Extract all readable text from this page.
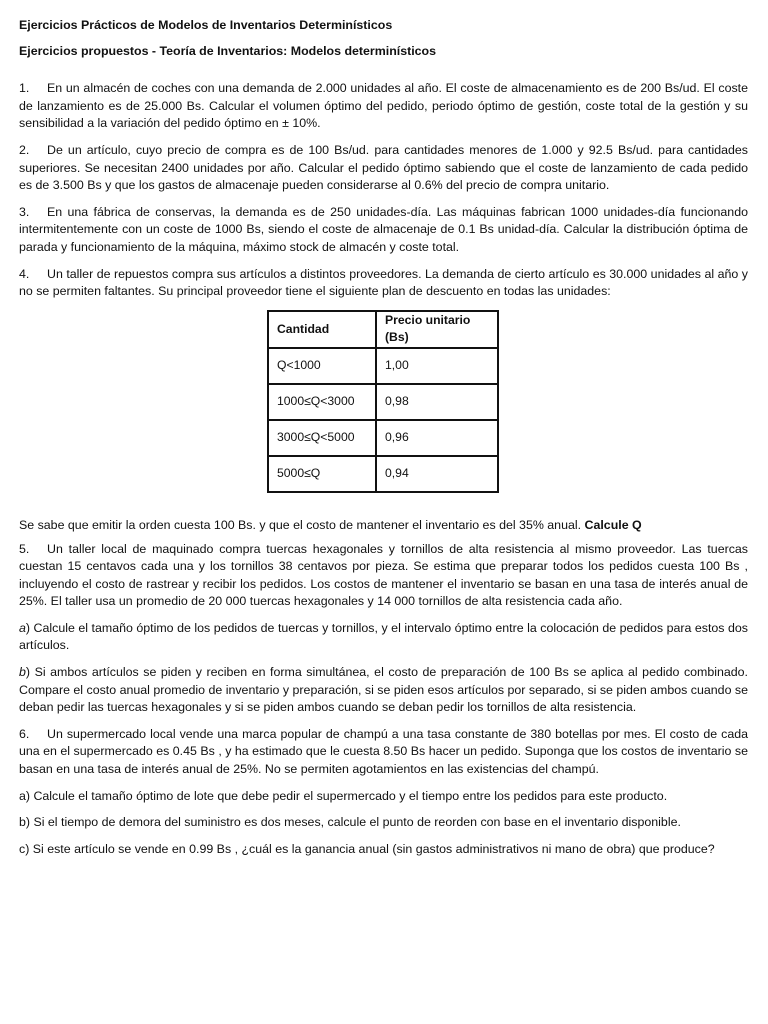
Ejercicios Prácticos de Modelos de Inventarios Determinísticos

Ejercicios propuestos - Teoría de Inventarios: Modelos determinísticos

1. En un almacén de coches con una demanda de 2.000 unidades al año. El coste de almacenamiento es de 200 Bs/ud. El coste de lanzamiento es de 25.000 Bs. Calcular el volumen óptimo del pedido, periodo óptimo de gestión, coste total de la gestión y su sensibilidad a la variación del pedido óptimo en ± 10%.

2. De un artículo, cuyo precio de compra es de 100 Bs/ud. para cantidades menores de 1.000 y 92.5 Bs/ud. para cantidades superiores. Se necesitan 2400 unidades por año. Calcular el pedido óptimo sabiendo que el coste de lanzamiento de cada pedido es de 3.500 Bs y que los gastos de almacenaje pueden considerarse al 0.6% del precio de compra unitario.

3. En una fábrica de conservas, la demanda es de 250 unidades-día. Las máquinas fabrican 1000 unidades-día funcionando intermitentemente con un coste de 1000 Bs, siendo el coste de almacenaje de 0.1 Bs unidad-día. Calcular la distribución óptima de parada y funcionamiento de la máquina, máximo stock de almacén y coste total.

4. Un taller de repuestos compra sus artículos a distintos proveedores. La demanda de cierto artículo es 30.000 unidades al año y no se permiten faltantes. Su principal proveedor tiene el siguiente plan de descuento en todas las unidades:

Cantidad	Precio unitario (Bs)
Q<1000	1,00
1000≤Q<3000	0,98
3000≤Q<5000	0,96
5000≤Q	0,94

Se sabe que emitir la orden cuesta 100 Bs. y que el costo de mantener el inventario es del 35% anual. Calcule Q

5. Un taller local de maquinado compra tuercas hexagonales y tornillos de alta resistencia al mismo proveedor. Las tuercas cuestan 15 centavos cada una y los tornillos 38 centavos por pieza. Se estima que preparar todos los pedidos cuesta 100 Bs , incluyendo el costo de rastrear y recibir los pedidos. Los costos de mantener el inventario se basan en una tasa de interés anual de 25%. El taller usa un promedio de 20 000 tuercas hexagonales y 14 000 tornillos de alta resistencia cada año.

a) Calcule el tamaño óptimo de los pedidos de tuercas y tornillos, y el intervalo óptimo entre la colocación de pedidos para estos dos artículos.

b) Si ambos artículos se piden y reciben en forma simultánea, el costo de preparación de 100 Bs se aplica al pedido combinado. Compare el costo anual promedio de inventario y preparación, si se piden esos artículos por separado, si se piden ambos cuando se deban pedir las tuercas hexagonales y si se piden ambos cuando se deban pedir los tornillos de alta resistencia.

6. Un supermercado local vende una marca popular de champú a una tasa constante de 380 botellas por mes. El costo de cada una en el supermercado es 0.45 Bs , y ha estimado que le cuesta 8.50 Bs hacer un pedido. Suponga que los costos de inventario se basan en una tasa de interés anual de 25%. No se permiten agotamientos en las existencias del champú.

a) Calcule el tamaño óptimo de lote que debe pedir el supermercado y el tiempo entre los pedidos para este producto.

b) Si el tiempo de demora del suministro es dos meses, calcule el punto de reorden con base en el inventario disponible.

c) Si este artículo se vende en 0.99 Bs , ¿cuál es la ganancia anual (sin gastos administrativos ni mano de obra) que produce?
